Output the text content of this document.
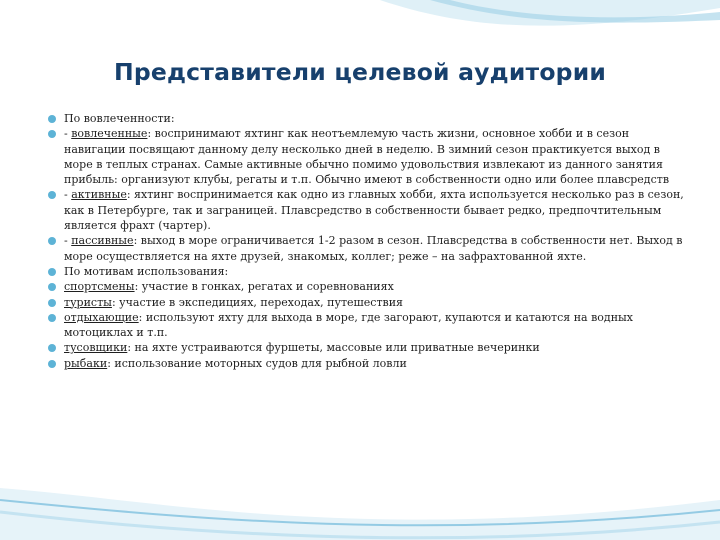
Представители целевой аудитории
По вовлеченности:
- вовлеченные: воспринимают яхтинг как неотъемлемую часть жизни, основное хобби и в сезон навигации посвящают данному делу несколько дней в неделю. В зимний сезон практикуется выход в море в теплых странах. Самые активные обычно помимо удовольствия извлекают из данного занятия прибыль: организуют клубы, регаты и т.п. Обычно имеют в собственности одно или более плавсредств
- активные: яхтинг воспринимается как одно из главных хобби, яхта используется несколько раз в сезон, как в Петербурге, так и заграницей. Плавсредство в собственности бывает редко, предпочтительным является фрахт (чартер).
- пассивные: выход в море ограничивается 1-2 разом в сезон. Плавсредства в собственности нет. Выход в море осуществляется на яхте друзей, знакомых, коллег; реже – на зафрахтованной яхте.
По мотивам использования:
спортсмены: участие в гонках, регатах и соревнованиях
туристы: участие в экспедициях, переходах, путешествия
отдыхающие: используют яхту для выхода в море, где загорают, купаются и катаются на водных мотоциклах и т.п.
тусовщики: на яхте устраиваются фуршеты, массовые или приватные вечеринки
рыбаки: использование моторных судов для рыбной ловли
